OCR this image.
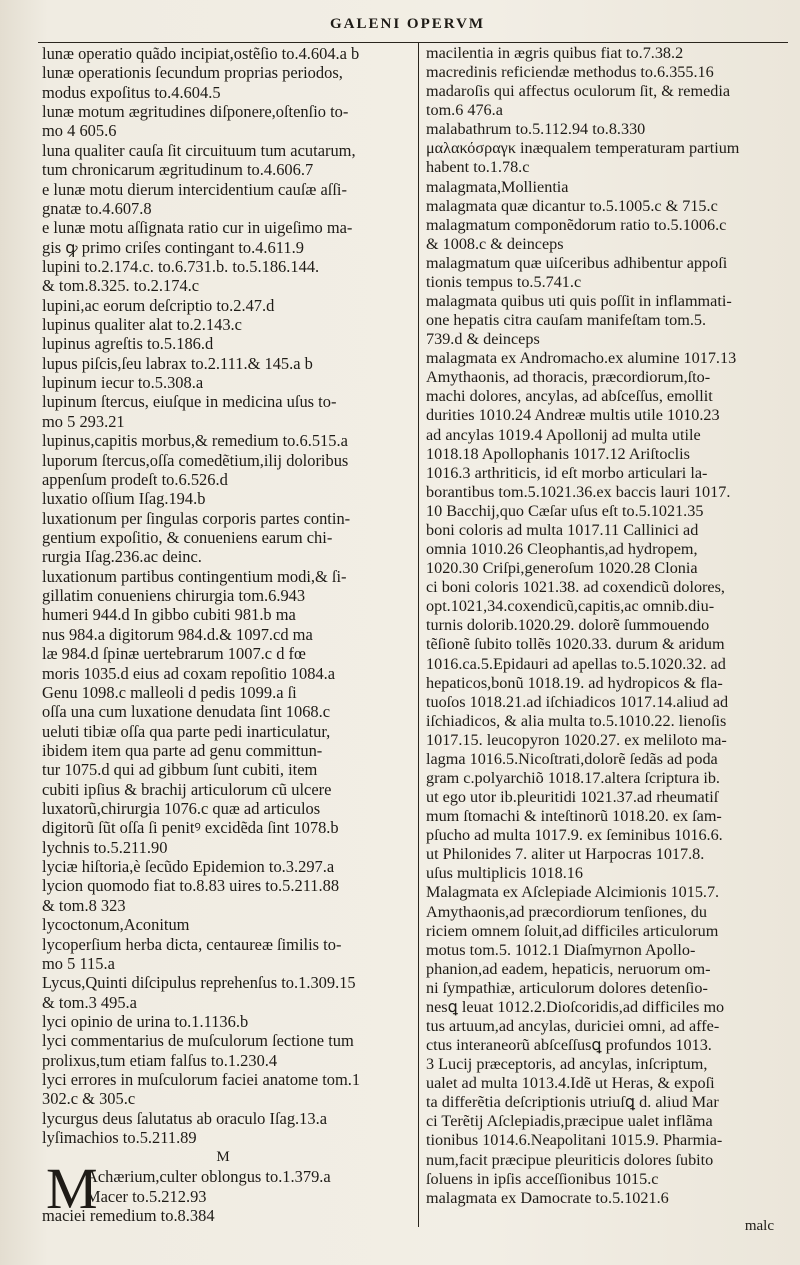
GALENI OPERVM
lunæ operatio quãdo incipiat,ostẽſio to.4.604.a b
lunæ operationis ſecundum proprias periodos,
modus expoſitus to.4.604.5
lunæ motum ægritudines diſponere,oſtenſio to-
mo 4 605.6
luna qualiter cauſa ſit circuituum tum acutarum,
tum chronicarum ægritudinum to.4.606.7
e lunæ motu dierum intercidentium cauſæ aſſi-
gnatæ to.4.607.8
e lunæ motu aſſignata ratio cur in uigeſimo ma-
gis ꝙ primo criſes contingant to.4.611.9
lupini to.2.174.c. to.6.731.b. to.5.186.144.
& tom.8.325. to.2.174.c
lupini,ac eorum deſcriptio to.2.47.d
lupinus qualiter alat to.2.143.c
lupinus agreſtis to.5.186.d
lupus piſcis,ſeu labrax to.2.111.& 145.a b
lupinum iecur to.5.308.a
lupinum ſtercus, eiuſque in medicina uſus to-
mo 5 293.21
lupinus,capitis morbus,& remedium to.6.515.a
luporum ſtercus,oſſa comedẽtium,ilij doloribus
appenſum prodeſt to.6.526.d
luxatio oſſium Iſag.194.b
luxationum per ſingulas corporis partes contin-
gentium expoſitio, & conueniens earum chi-
rurgia Iſag.236.ac deinc.
luxationum partibus contingentium modi,& ſi-
gillatim conueniens chirurgia tom.6.943
humeri 944.d In gibbo cubiti 981.b ma
nus 984.a digitorum 984.d.& 1097.cd ma
læ 984.d ſpinæ uertebrarum 1007.c d fœ
moris 1035.d eius ad coxam repoſitio 1084.a
Genu 1098.c malleoli d pedis 1099.a ſi
oſſa una cum luxatione denudata ſint 1068.c
ueluti tibiæ oſſa qua parte pedi inarticulatur,
ibidem item qua parte ad genu committun-
tur 1075.d qui ad gibbum ſunt cubiti, item
cubiti ipſius & brachij articulorum cũ ulcere
luxatorũ,chirurgia 1076.c quæ ad articulos
digitorũ ſũt oſſa ſi penitꝰ excidẽda ſint 1078.b
lychnis to.5.211.90
lyciæ hiſtoria,è ſecũdo Epidemion to.3.297.a
lycion quomodo fiat to.8.83 uires to.5.211.88
& tom.8 323
lycoctonum,Aconitum
lycoperſium herba dicta, centaureæ ſimilis to-
mo 5 115.a
Lycus,Quinti diſcipulus reprehenſus to.1.309.15
& tom.3 495.a
lyci opinio de urina to.1.1136.b
lyci commentarius de muſculorum ſectione tum
prolixus,tum etiam falſus to.1.230.4
lyci errores in muſculorum faciei anatome tom.1
302.c & 305.c
lycurgus deus ſalutatus ab oraculo Iſag.13.a
lyſimachios to.5.211.89
M
M
Achærium,culter oblongus to.1.379.a
Macer to.5.212.93
maciei remedium to.8.384
macilentia in ægris quibus fiat to.7.38.2
macredinis reficiendæ methodus to.6.355.16
madaroſis qui affectus oculorum ſit, & remedia
tom.6 476.a
malabathrum to.5.112.94 to.8.330
μαλακόσραγκ inæqualem temperaturam partium
habent to.1.78.c
malagmata,Mollientia
malagmata quæ dicantur to.5.1005.c & 715.c
malagmatum componẽdorum ratio to.5.1006.c
& 1008.c & deinceps
malagmatum quæ uiſceribus adhibentur appoſi
tionis tempus to.5.741.c
malagmata quibus uti quis poſſit in inflammati-
one hepatis citra cauſam manifeſtam tom.5.
739.d & deinceps
malagmata ex Andromacho.ex alumine 1017.13
Amythaonis, ad thoracis, præcordiorum,ſto-
machi dolores, ancylas, ad abſceſſus, emollit
durities 1010.24 Andreæ multis utile 1010.23
ad ancylas 1019.4 Apollonij ad multa utile
1018.18 Apollophanis 1017.12 Ariſtoclis
1016.3 arthriticis, id eſt morbo articulari la-
borantibus tom.5.1021.36.ex baccis lauri 1017.
10 Bacchij,quo Cæſar uſus eſt to.5.1021.35
boni coloris ad multa 1017.11 Callinici ad
omnia 1010.26 Cleophantis,ad hydropem,
1020.30 Criſpi,generoſum 1020.28 Clonia
ci boni coloris 1021.38. ad coxendicũ dolores,
opt.1021,34.coxendicũ,capitis,ac omnib.diu-
turnis dolorib.1020.29. dolorẽ ſummouendo
tẽſionẽ ſubito tollẽs 1020.33. durum & aridum
1016.ca.5.Epidauri ad apellas to.5.1020.32. ad
hepaticos,bonũ 1018.19. ad hydropicos & fla-
tuoſos 1018.21.ad iſchiadicos 1017.14.aliud ad
iſchiadicos, & alia multa to.5.1010.22. lienoſis
1017.15. leucopyron 1020.27. ex meliloto ma-
lagma 1016.5.Nicoſtrati,dolorẽ ſedãs ad poda
gram c.polyarchiõ 1018.17.altera ſcriptura ib.
ut ego utor ib.pleuritidi 1021.37.ad rheumatiſ
mum ſtomachi & inteſtinorũ 1018.20. ex ſam-
pſucho ad multa 1017.9. ex ſeminibus 1016.6.
ut Philonides 7. aliter ut Harpocras 1017.8.
uſus multiplicis 1018.16
Malagmata ex Aſclepiade Alcimionis 1015.7.
Amythaonis,ad præcordiorum tenſiones, du
riciem omnem ſoluit,ad difficiles articulorum
motus tom.5. 1012.1 Diaſmyrnon Apollo-
phanion,ad eadem, hepaticis, neruorum om-
ni ſympathiæ, articulorum dolores detenſio-
nesꝗ leuat 1012.2.Dioſcoridis,ad difficiles mo
tus artuum,ad ancylas, duriciei omni, ad affe-
ctus interaneorũ abſceſſusꝗ profundos 1013.
3 Lucij præceptoris, ad ancylas, inſcriptum,
ualet ad multa 1013.4.Idẽ ut Heras, & expoſi
ta differẽtia deſcriptionis utriuſꝗ d. aliud Mar
ci Terẽtij Aſclepiadis,præcipue ualet inflãma
tionibus 1014.6.Neapolitani 1015.9. Pharmia-
num,facit præcipue pleuriticis dolores ſubito
ſoluens in ipſis acceſſionibus 1015.c
malagmata ex Damocrate to.5.1021.6
malc
